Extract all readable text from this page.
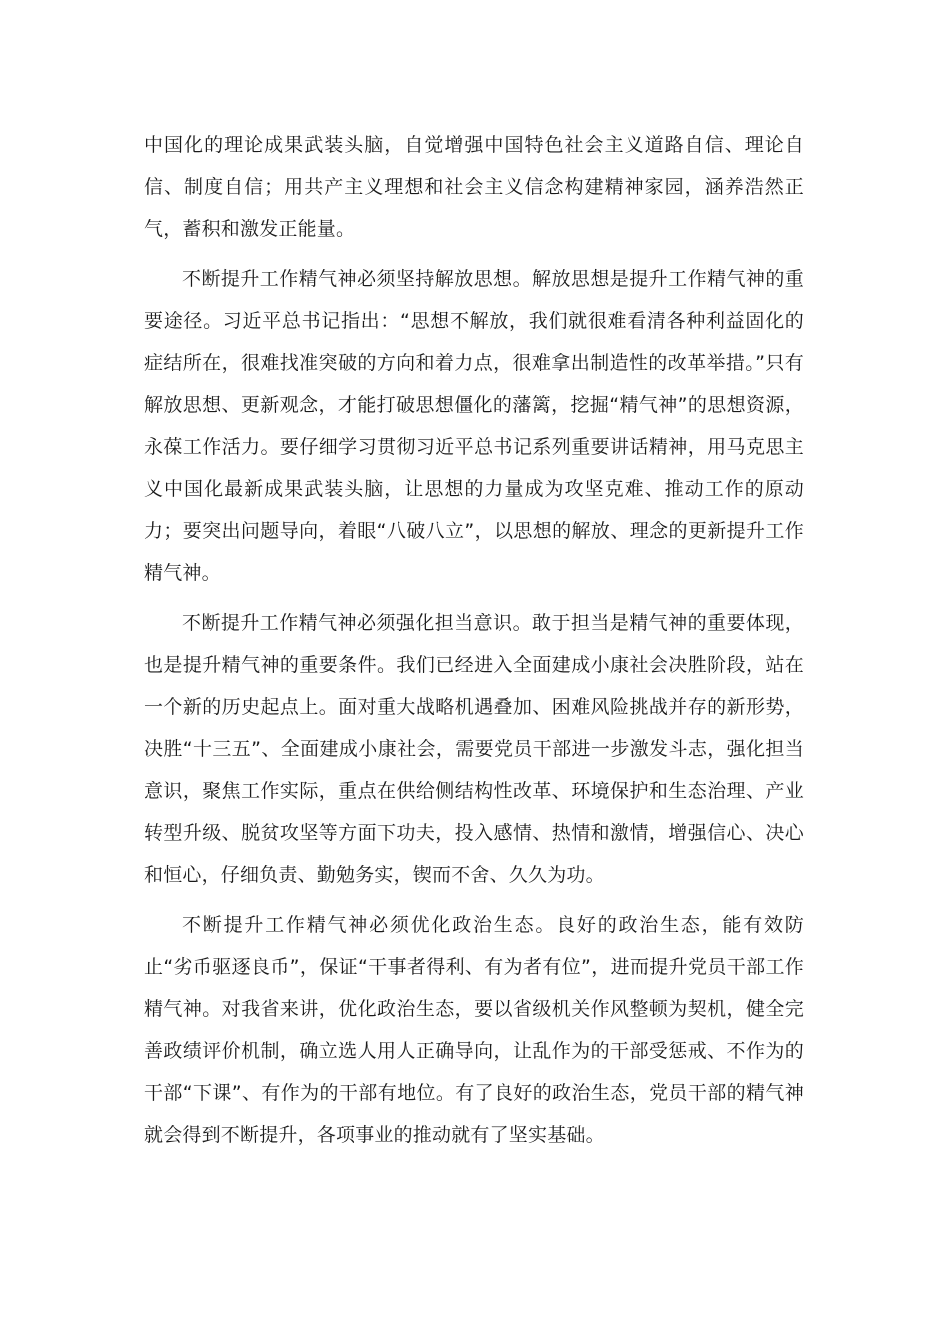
中国化的理论成果武装头脑，自觉增强中国特色社会主义道路自信、理论自信、制度自信；用共产主义理想和社会主义信念构建精神家园，涵养浩然正气，蓄积和激发正能量。

不断提升工作精气神必须坚持解放思想。解放思想是提升工作精气神的重要途径。习近平总书记指出：“思想不解放，我们就很难看清各种利益固化的症结所在，很难找准突破的方向和着力点，很难拿出制造性的改革举措。”只有解放思想、更新观念，才能打破思想僵化的藩篱，挖掘“精气神”的思想资源，永葆工作活力。要仔细学习贯彻习近平总书记系列重要讲话精神，用马克思主义中国化最新成果武装头脑，让思想的力量成为攻坚克难、推动工作的原动力；要突出问题导向，着眼“八破八立”，以思想的解放、理念的更新提升工作精气神。

不断提升工作精气神必须强化担当意识。敢于担当是精气神的重要体现，也是提升精气神的重要条件。我们已经进入全面建成小康社会决胜阶段，站在一个新的历史起点上。面对重大战略机遇叠加、困难风险挑战并存的新形势，决胜“十三五”、全面建成小康社会，需要党员干部进一步激发斗志，强化担当意识，聚焦工作实际，重点在供给侧结构性改革、环境保护和生态治理、产业转型升级、脱贫攻坚等方面下功夫，投入感情、热情和激情，增强信心、决心和恒心，仔细负责、勤勉务实，锲而不舍、久久为功。

不断提升工作精气神必须优化政治生态。良好的政治生态，能有效防止“劣币驱逐良币”，保证“干事者得利、有为者有位”，进而提升党员干部工作精气神。对我省来讲，优化政治生态，要以省级机关作风整顿为契机，健全完善政绩评价机制，确立选人用人正确导向，让乱作为的干部受惩戒、不作为的干部“下课”、有作为的干部有地位。有了良好的政治生态，党员干部的精气神就会得到不断提升，各项事业的推动就有了坚实基础。
